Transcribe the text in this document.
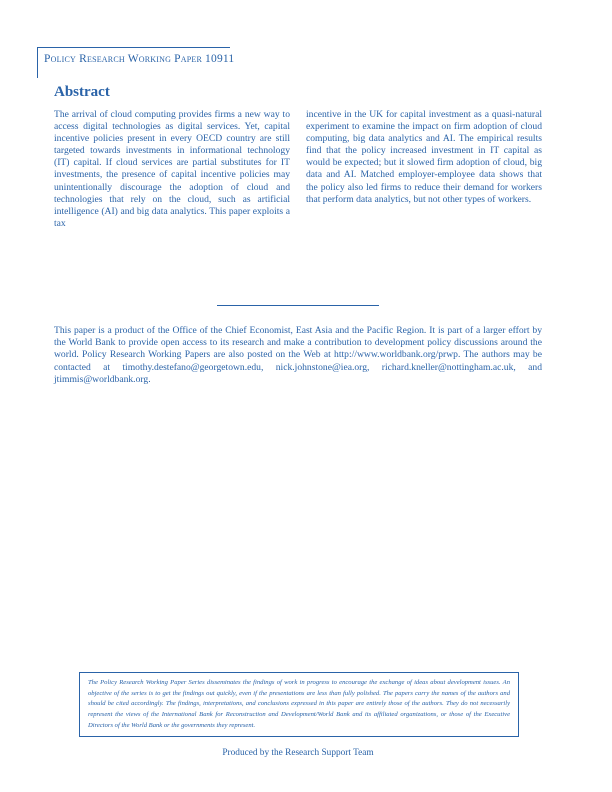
Policy Research Working Paper 10911
Abstract

The arrival of cloud computing provides firms a new way to access digital technologies as digital services. Yet, capital incentive policies present in every OECD country are still targeted towards investments in informational technology (IT) capital. If cloud services are partial substitutes for IT investments, the presence of capital incentive policies may unintentionally discourage the adoption of cloud and technologies that rely on the cloud, such as artificial intelligence (AI) and big data analytics. This paper exploits a tax

incentive in the UK for capital investment as a quasi-natural experiment to examine the impact on firm adoption of cloud computing, big data analytics and AI. The empirical results find that the policy increased investment in IT capital as would be expected; but it slowed firm adoption of cloud, big data and AI. Matched employer-employee data shows that the policy also led firms to reduce their demand for workers that perform data analytics, but not other types of workers.

This paper is a product of the Office of the Chief Economist, East Asia and the Pacific Region. It is part of a larger effort by the World Bank to provide open access to its research and make a contribution to development policy discussions around the world. Policy Research Working Papers are also posted on the Web at http://www.worldbank.org/prwp. The authors may be contacted at timothy.destefano@georgetown.edu, nick.johnstone@iea.org, richard.kneller@nottingham.ac.uk, and jtimmis@worldbank.org.

The Policy Research Working Paper Series disseminates the findings of work in progress to encourage the exchange of ideas about development issues. An objective of the series is to get the findings out quickly, even if the presentations are less than fully polished. The papers carry the names of the authors and should be cited accordingly. The findings, interpretations, and conclusions expressed in this paper are entirely those of the authors. They do not necessarily represent the views of the International Bank for Reconstruction and Development/World Bank and its affiliated organizations, or those of the Executive Directors of the World Bank or the governments they represent.
Produced by the Research Support Team
